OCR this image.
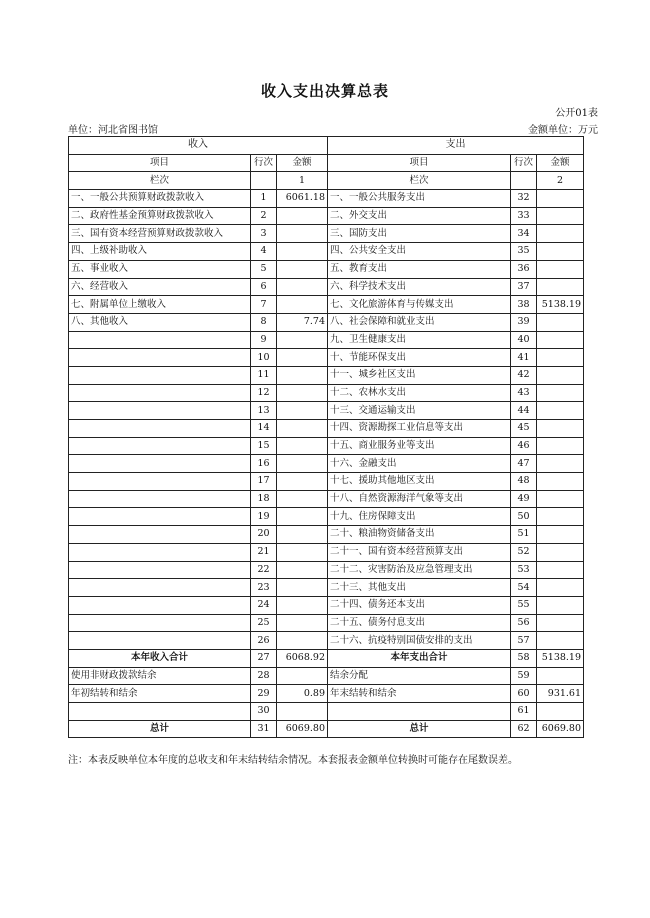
收入支出决算总表
公开01表
单位：河北省图书馆	金额单位：万元
收入			支出		
项目	行次	金额	项目	行次	金额
栏次		1	栏次		2
一、一般公共预算财政拨款收入	1	6061.18	一、一般公共服务支出	32	
二、政府性基金预算财政拨款收入	2		二、外交支出	33	
三、国有资本经营预算财政拨款收入	3		三、国防支出	34	
四、上级补助收入	4		四、公共安全支出	35	
五、事业收入	5		五、教育支出	36	
六、经营收入	6		六、科学技术支出	37	
七、附属单位上缴收入	7		七、文化旅游体育与传媒支出	38	5138.19
八、其他收入	8	7.74	八、社会保障和就业支出	39	
	9		九、卫生健康支出	40	
	10		十、节能环保支出	41	
	11		十一、城乡社区支出	42	
	12		十二、农林水支出	43	
	13		十三、交通运输支出	44	
	14		十四、资源勘探工业信息等支出	45	
	15		十五、商业服务业等支出	46	
	16		十六、金融支出	47	
	17		十七、援助其他地区支出	48	
	18		十八、自然资源海洋气象等支出	49	
	19		十九、住房保障支出	50	
	20		二十、粮油物资储备支出	51	
	21		二十一、国有资本经营预算支出	52	
	22		二十二、灾害防治及应急管理支出	53	
	23		二十三、其他支出	54	
	24		二十四、债务还本支出	55	
	25		二十五、债务付息支出	56	
	26		二十六、抗疫特别国债安排的支出	57	
本年收入合计	27	6068.92	本年支出合计	58	5138.19
使用非财政拨款结余	28		结余分配	59	
年初结转和结余	29	0.89	年末结转和结余	60	931.61
	30			61	
总计	31	6069.80	总计	62	6069.80
注：本表反映单位本年度的总收支和年末结转结余情况。本套报表金额单位转换时可能存在尾数误差。
